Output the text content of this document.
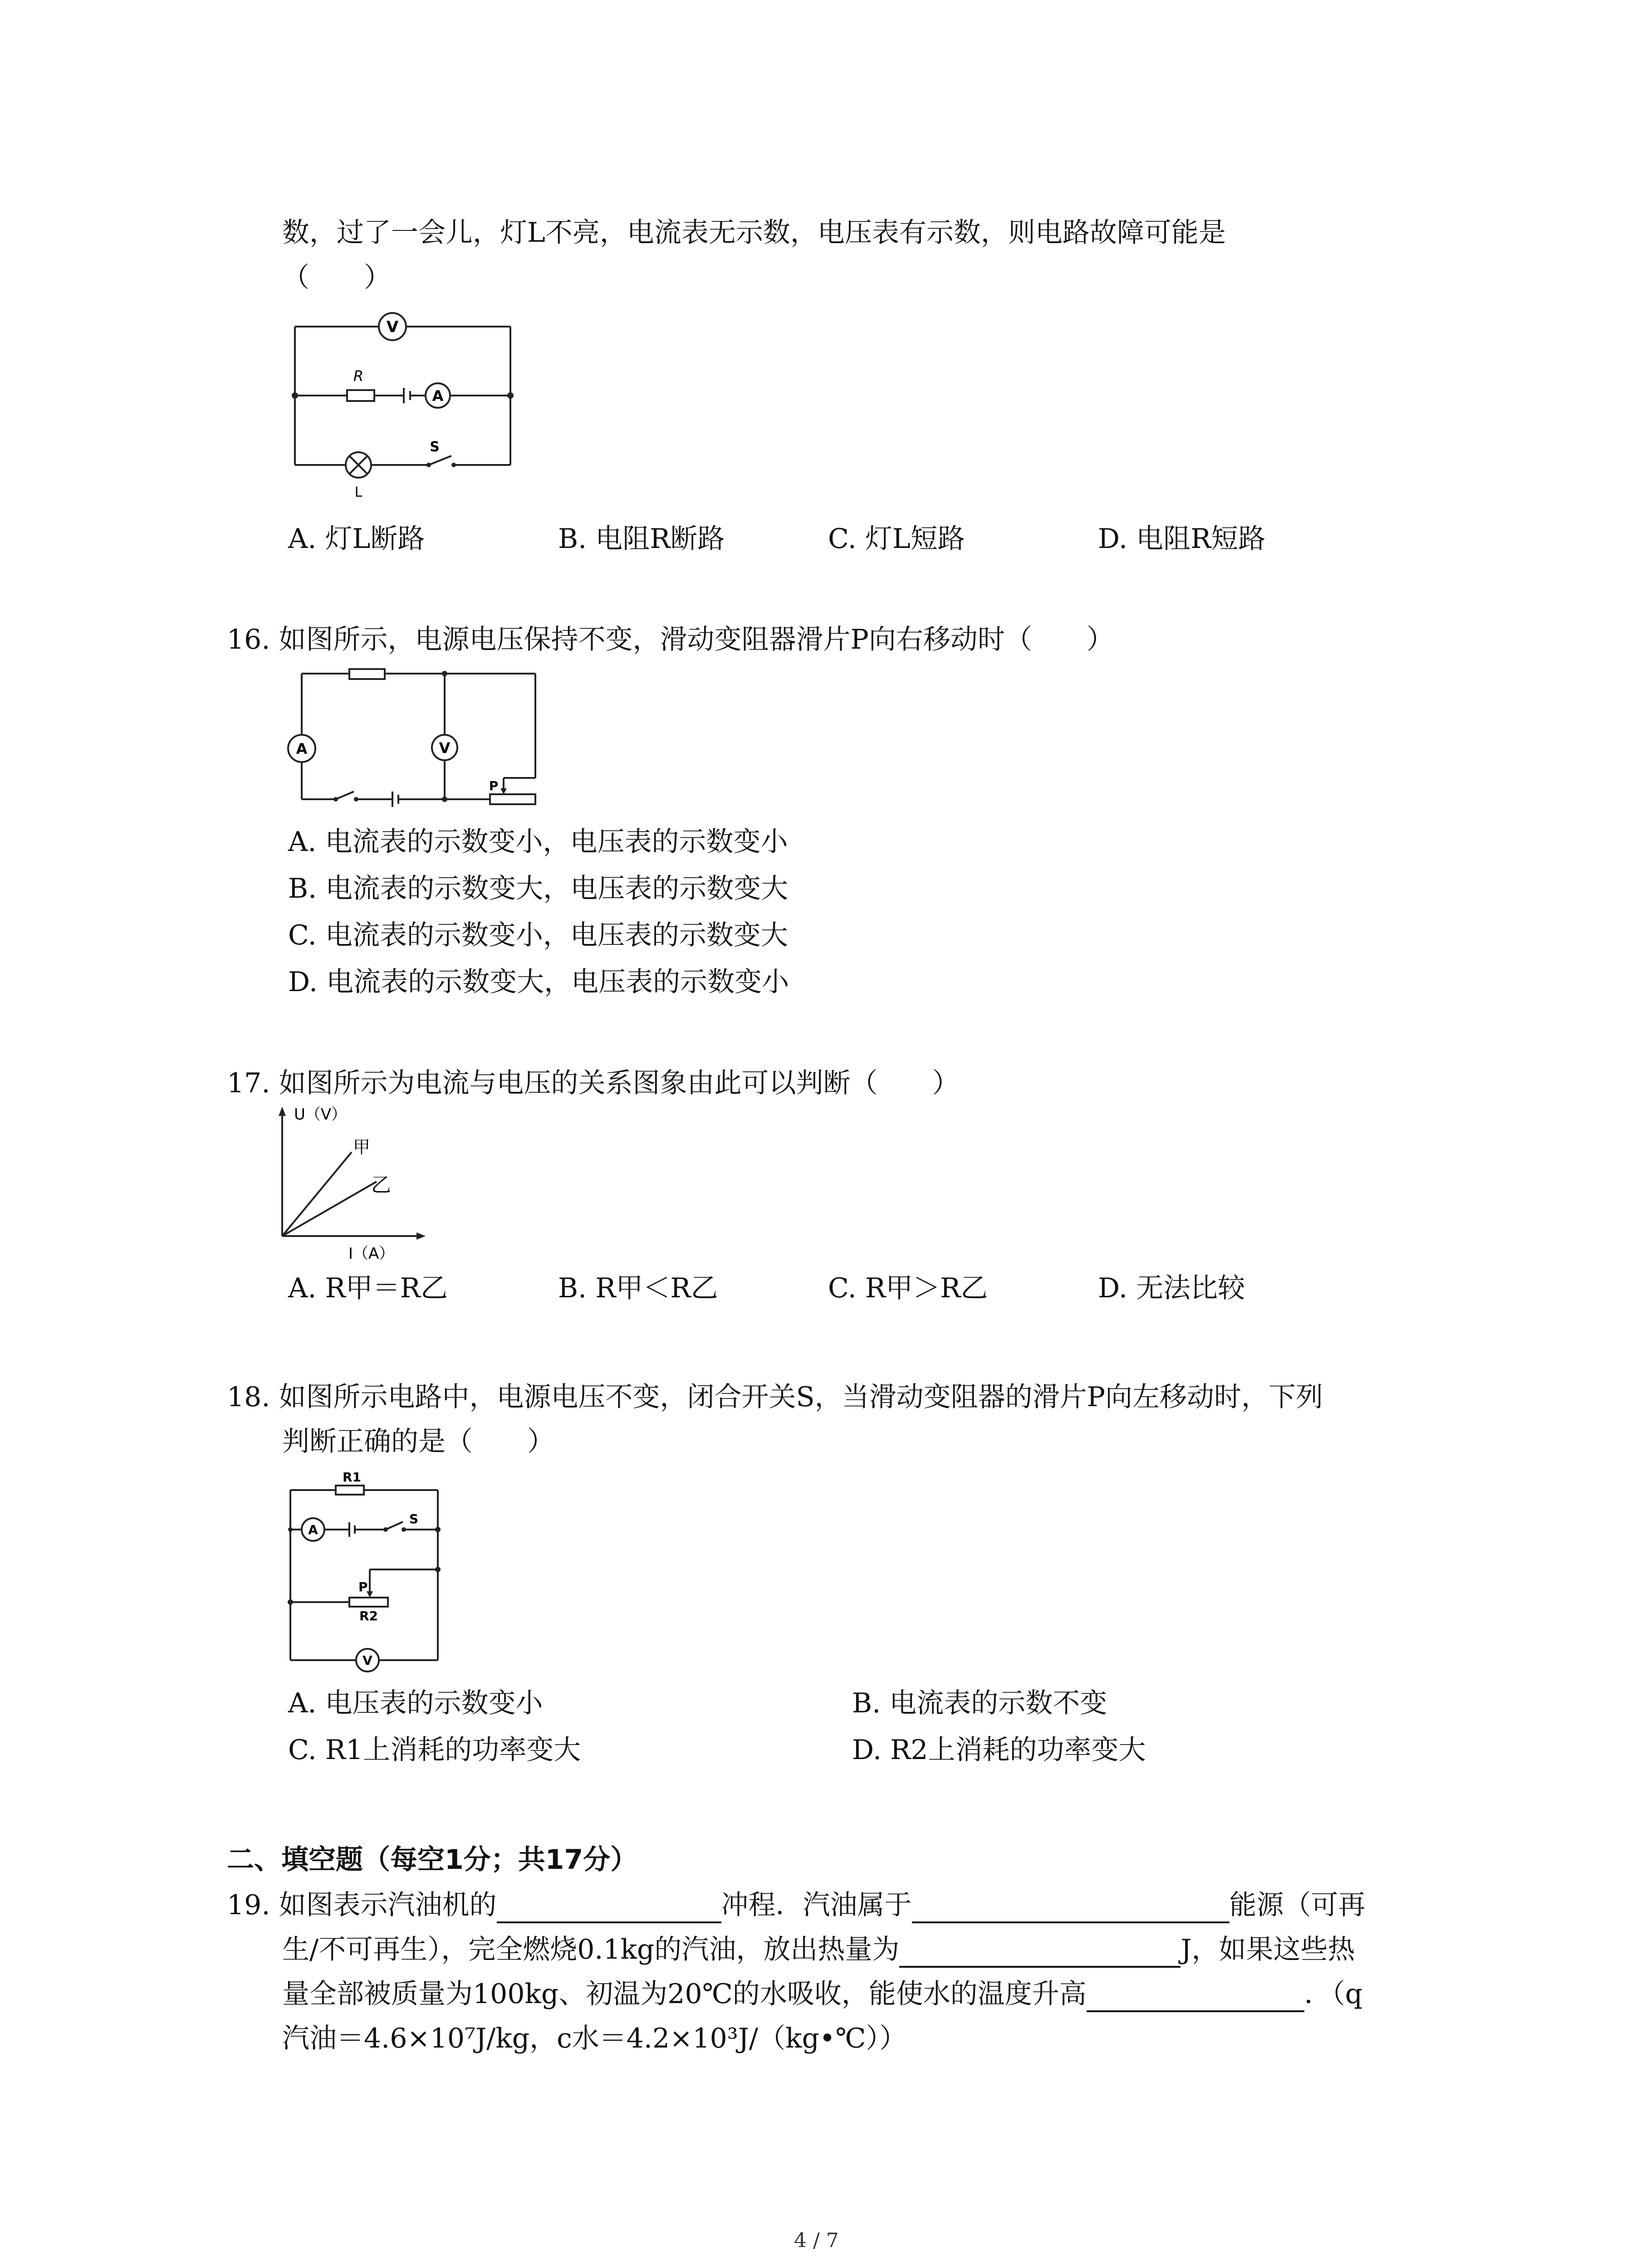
数，过了一会儿，灯L不亮，电流表无示数，电压表有示数，则电路故障可能是
（　　）
V
A
R
S
L
A. 灯L断路	B. 电阻R断路	C. 灯L短路	D. 电阻R短路
16. 如图所示，电源电压保持不变，滑动变阻器滑片P向右移动时（　　）
A	V
P
A. 电流表的示数变小，电压表的示数变小
B. 电流表的示数变大，电压表的示数变大
C. 电流表的示数变小，电压表的示数变大
D. 电流表的示数变大，电压表的示数变小
17. 如图所示为电流与电压的关系图象由此可以判断（　　）
U（V）
I（A）
甲
乙
A. R甲＝R乙	B. R甲＜R乙	C. R甲＞R乙	D. 无法比较
18. 如图所示电路中，电源电压不变，闭合开关S，当滑动变阻器的滑片P向左移动时，下列
判断正确的是（　　）
R1
A
S
P
R2
V
A. 电压表的示数变小	B. 电流表的示数不变
C. R1上消耗的功率变大	D. R2上消耗的功率变大
二、填空题（每空1分；共17分）
19. 如图表示汽油机的	冲程．汽油属于	能源（可再
生/不可再生），完全燃烧0.1kg的汽油，放出热量为	J，如果这些热
量全部被质量为100kg、初温为20℃的水吸收，能使水的温度升高	．（q
汽油＝4.6×10⁷J/kg，c水＝4.2×10³J/（kg•℃））
4 / 7
